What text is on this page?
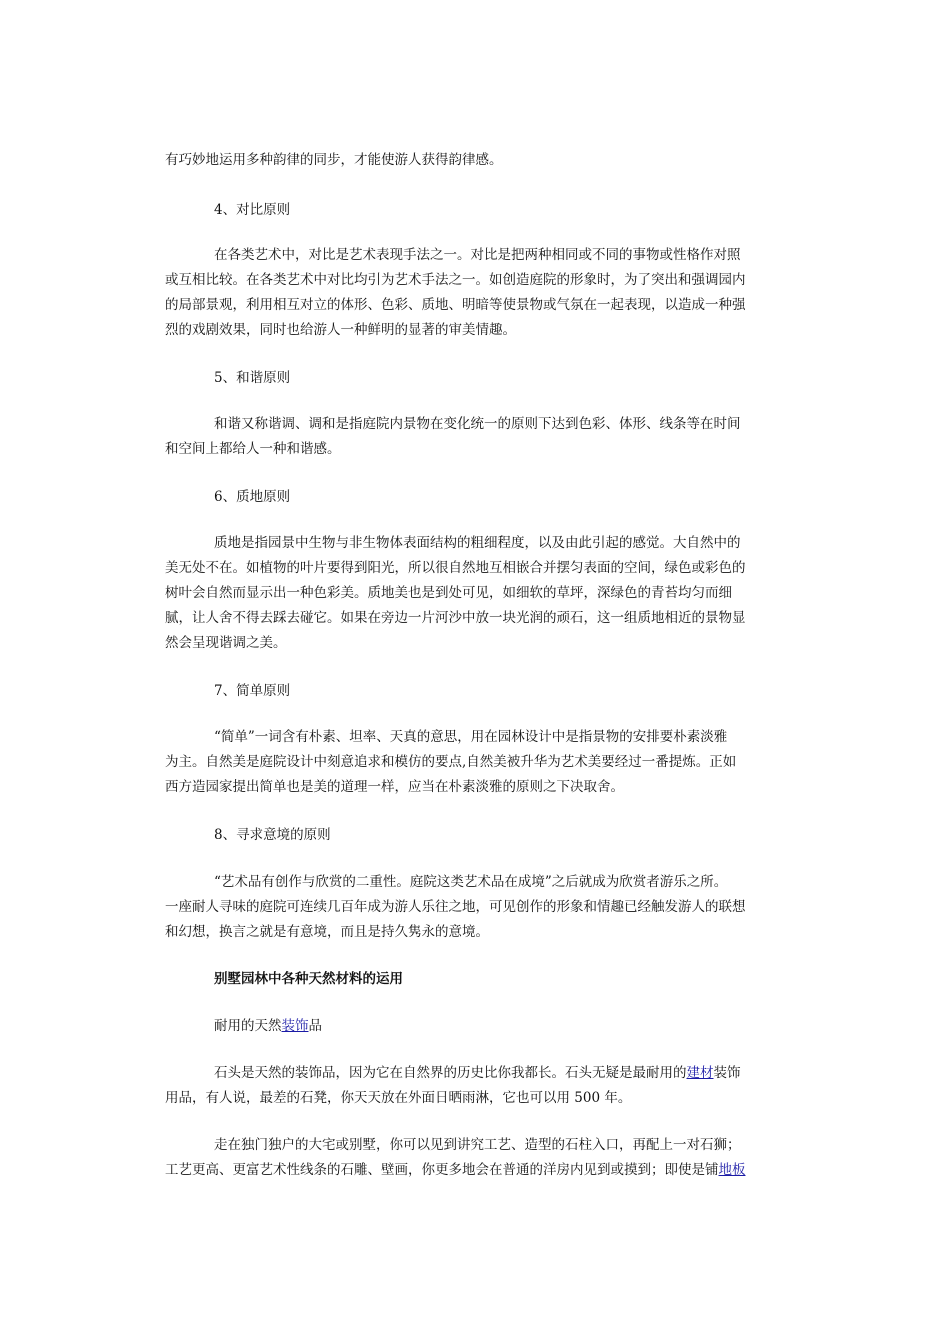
有巧妙地运用多种韵律的同步，才能使游人获得韵律感。
4、对比原则
在各类艺术中，对比是艺术表现手法之一。对比是把两种相同或不同的事物或性格作对照
或互相比较。在各类艺术中对比均引为艺术手法之一。如创造庭院的形象时，为了突出和强调园内
的局部景观，利用相互对立的体形、色彩、质地、明暗等使景物或气氛在一起表现，以造成一种强
烈的戏剧效果，同时也给游人一种鲜明的显著的审美情趣。
5、和谐原则
和谐又称谐调、调和是指庭院内景物在变化统一的原则下达到色彩、体形、线条等在时间
和空间上都给人一种和谐感。
6、质地原则
质地是指园景中生物与非生物体表面结构的粗细程度，以及由此引起的感觉。大自然中的
美无处不在。如植物的叶片要得到阳光，所以很自然地互相嵌合并摆匀表面的空间，绿色或彩色的
树叶会自然而显示出一种色彩美。质地美也是到处可见，如细软的草坪，深绿色的青苔均匀而细
腻，让人舍不得去踩去碰它。如果在旁边一片河沙中放一块光润的顽石，这一组质地相近的景物显
然会呈现谐调之美。
7、简单原则
“简单”一词含有朴素、坦率、天真的意思，用在园林设计中是指景物的安排要朴素淡雅
为主。自然美是庭院设计中刻意追求和模仿的要点,自然美被升华为艺术美要经过一番提炼。正如
西方造园家提出简单也是美的道理一样，应当在朴素淡雅的原则之下决取舍。
8、寻求意境的原则
“艺术品有创作与欣赏的二重性。庭院这类艺术品在成境”之后就成为欣赏者游乐之所。
一座耐人寻味的庭院可连续几百年成为游人乐往之地，可见创作的形象和情趣已经触发游人的联想
和幻想，换言之就是有意境，而且是持久隽永的意境。
别墅园林中各种天然材料的运用
耐用的天然装饰品
石头是天然的装饰品，因为它在自然界的历史比你我都长。石头无疑是最耐用的建材装饰
用品，有人说，最差的石凳，你天天放在外面日晒雨淋，它也可以用 500 年。
走在独门独户的大宅或别墅，你可以见到讲究工艺、造型的石柱入口，再配上一对石狮；
工艺更高、更富艺术性线条的石雕、壁画，你更多地会在普通的洋房内见到或摸到；即使是铺地板
